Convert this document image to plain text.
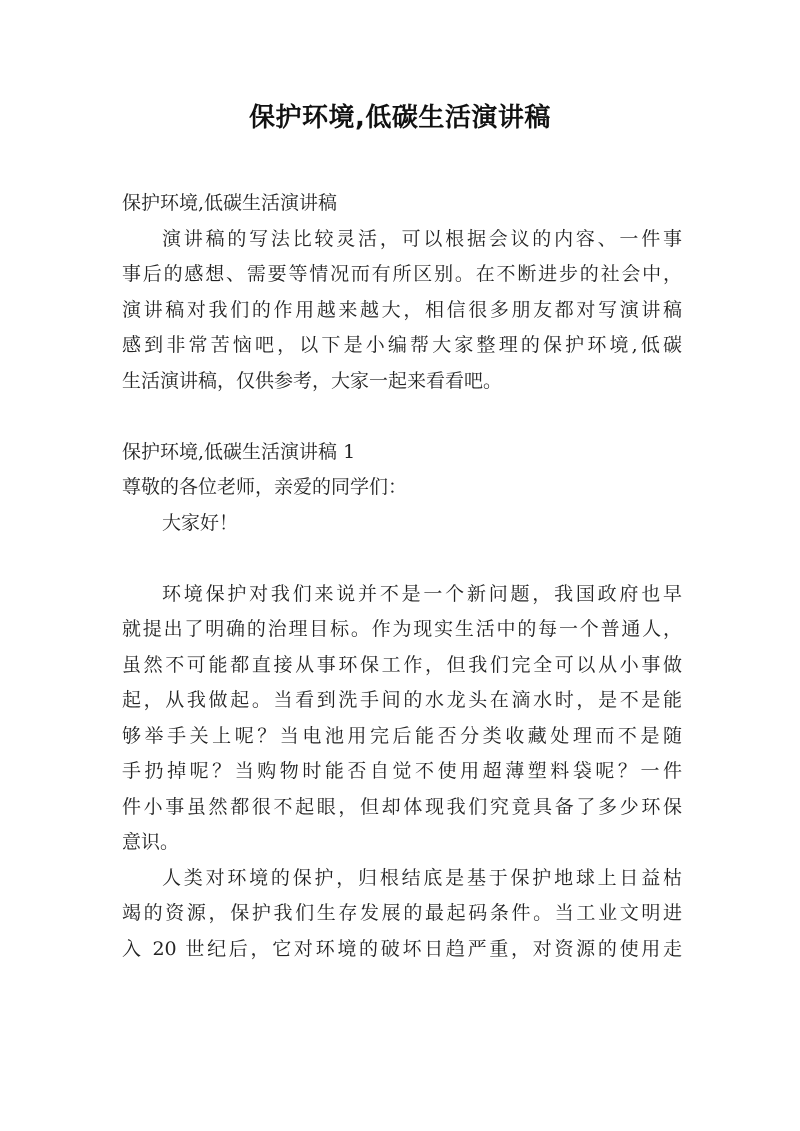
保护环境,低碳生活演讲稿
保护环境,低碳生活演讲稿
演讲稿的写法比较灵活，可以根据会议的内容、一件事
事后的感想、需要等情况而有所区别。在不断进步的社会中，
演讲稿对我们的作用越来越大，相信很多朋友都对写演讲稿
感到非常苦恼吧，以下是小编帮大家整理的保护环境,低碳
生活演讲稿，仅供参考，大家一起来看看吧。
保护环境,低碳生活演讲稿 1
尊敬的各位老师，亲爱的同学们：
大家好！
环境保护对我们来说并不是一个新问题，我国政府也早
就提出了明确的治理目标。作为现实生活中的每一个普通人，
虽然不可能都直接从事环保工作，但我们完全可以从小事做
起，从我做起。当看到洗手间的水龙头在滴水时，是不是能
够举手关上呢？当电池用完后能否分类收藏处理而不是随
手扔掉呢？当购物时能否自觉不使用超薄塑料袋呢？一件
件小事虽然都很不起眼，但却体现我们究竟具备了多少环保
意识。
人类对环境的保护，归根结底是基于保护地球上日益枯
竭的资源，保护我们生存发展的最起码条件。当工业文明进
入 20 世纪后，它对环境的破坏日趋严重，对资源的使用走
